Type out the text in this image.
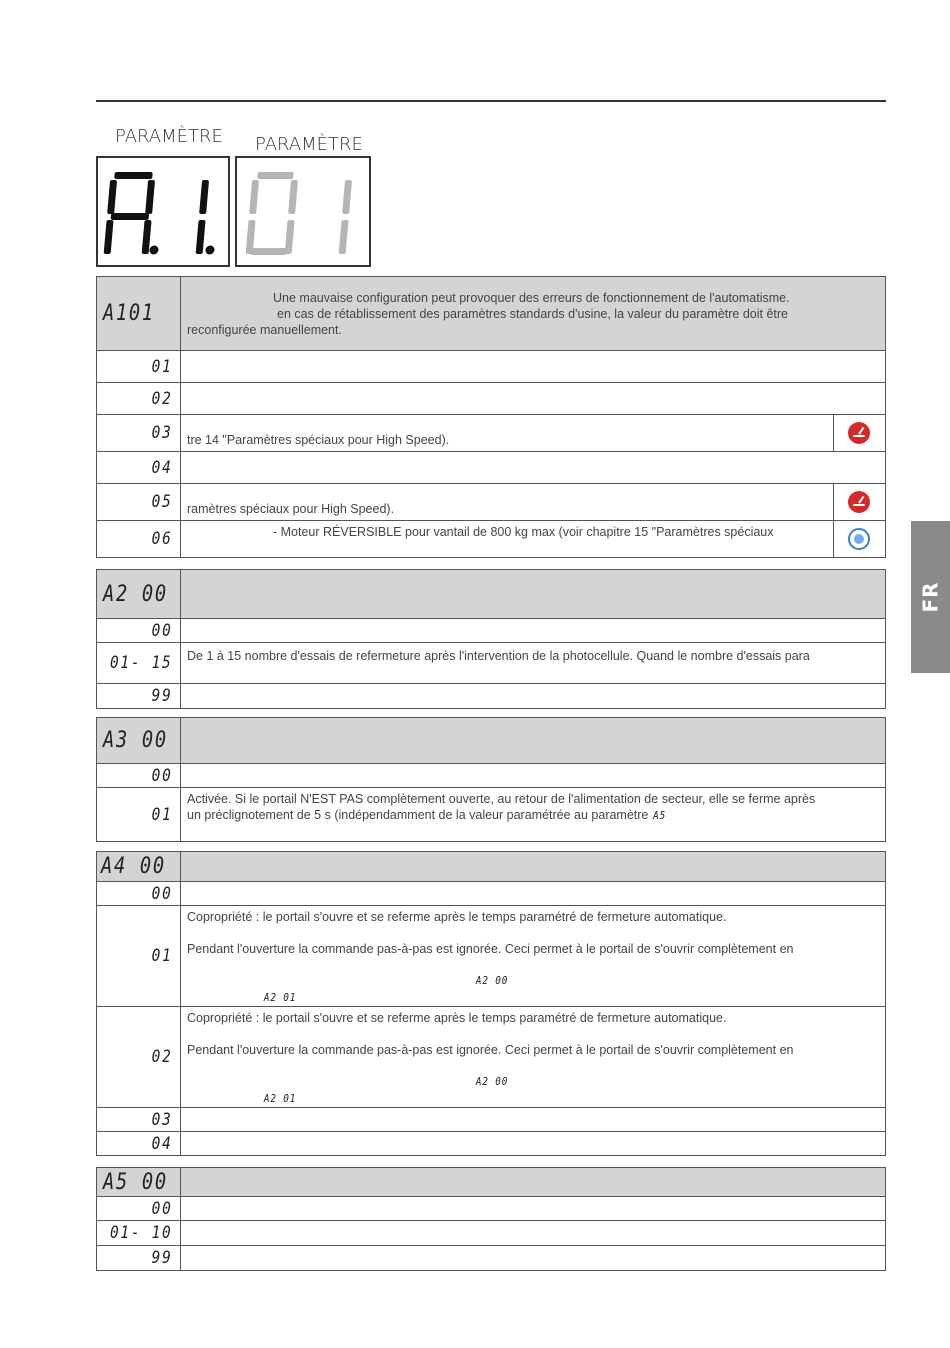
PARAMÈTRE PARAMÈTRE
FR
A101	Une mauvaise configuration peut provoquer des erreurs de fonctionnement de l'automatisme.
en cas de rétablissement des paramètres standards d'usine, la valeur du paramètre doit être
reconfigurée manuellement.	

01		
02		
03	tre 14 "Paramètres spéciaux pour High Speed).	
04		
05	ramètres spéciaux pour High Speed).	
06	- Moteur RÉVERSIBLE pour vantail de 800 kg max (voir chapitre 15 "Paramètres spéciaux	
A2 00	
00	
01- 15	De 1 à 15 nombre d'essais de refermeture après l'intervention de la photocellule. Quand le nombre d'essais para
99	
A3 00	
00	
01	Activée. Si le portail N'EST PAS complètement ouverte, au retour de l'alimentation de secteur, elle se ferme après
un préclignotement de 5 s (indépendamment de la valeur paramétrée au paramètre A5
A4 00	
00	
01	Copropriété : le portail s'ouvre et se referme après le temps paramétré de fermeture automatique.
Pendant l'ouverture la commande pas-à-pas est ignorée. Ceci permet à le portail de s'ouvrir complètement en
A2 00
A2 01

02	Copropriété : le portail s'ouvre et se referme après le temps paramétré de fermeture automatique.
Pendant l'ouverture la commande pas-à-pas est ignorée. Ceci permet à le portail de s'ouvrir complètement en
A2 00
A2 01

03	
04	
A5 00	
00	
01- 10	
99	
